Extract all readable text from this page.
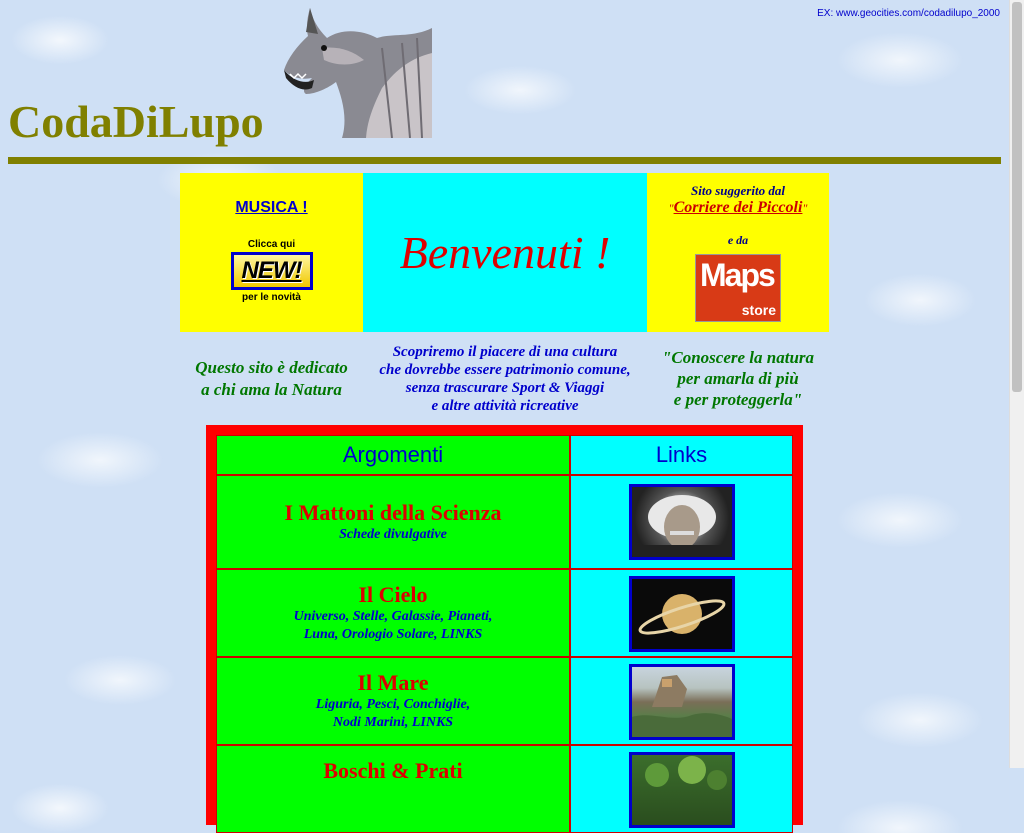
EX: www.geocities.com/codadilupo_2000
CodaDiLupo
MUSICA !
Clicca qui
NEW!
per le novità
Benvenuti !
Sito suggerito dal
"Corriere dei Piccoli"
e da
Maps
store
Questo sito è dedicato
a chi ama la Natura
Scopriremo il piacere di una cultura
che dovrebbe essere patrimonio comune,
senza trascurare Sport & Viaggi
e altre attività ricreative
"Conoscere la natura
per amarla di più
e per proteggerla"
Argomenti	Links
I Mattoni della Scienza
Schede divulgative
Il Cielo
Universo, Stelle, Galassie, Pianeti,
Luna, Orologio Solare, LINKS
Il Mare
Liguria, Pesci, Conchiglie,
Nodi Marini, LINKS
Boschi & Prati
